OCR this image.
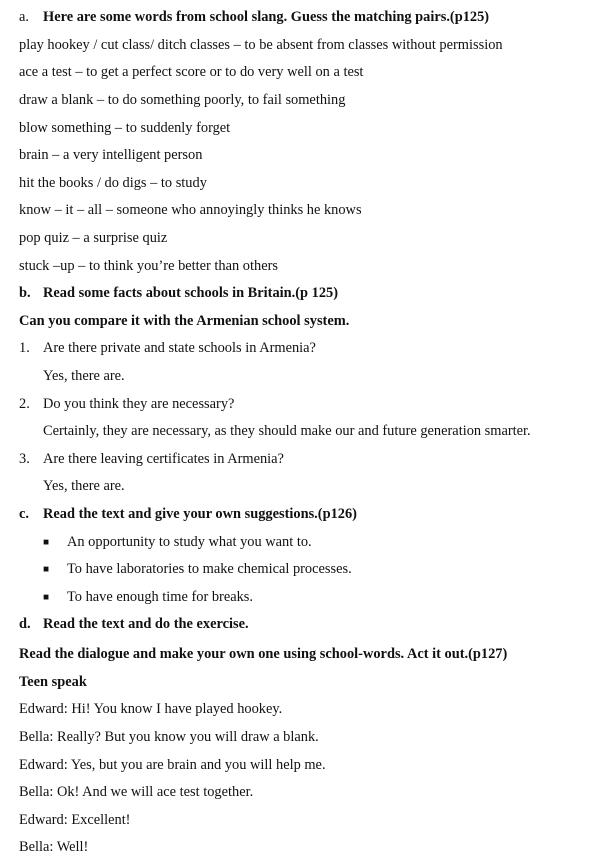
a. Here are some words from school slang. Guess the matching pairs.(p125)
play hookey / cut class/ ditch classes – to be absent from classes without permission
ace a test – to get a perfect score or to do very well on a test
draw a blank – to do something poorly, to fail something
blow something – to suddenly forget
brain – a very intelligent person
hit the books / do digs – to study
know – it – all – someone who annoyingly thinks he knows
pop quiz – a surprise quiz
stuck –up – to think you’re better than others
b. Read some facts about schools in Britain.(p 125)
Can you compare it with the Armenian school system.
1. Are there private and state schools in Armenia?
Yes, there are.
2. Do you think they are necessary?
Certainly, they are necessary, as they should make our and future generation smarter.
3. Are there leaving certificates in Armenia?
Yes, there are.
c. Read the text and give your own suggestions.(p126)
■ An opportunity to study what you want to.
■ To have laboratories to make chemical processes.
■ To have enough time for breaks.
d. Read the text and do the exercise.
Read the dialogue and make your own one using school-words. Act it out.(p127)
Teen speak
Edward: Hi! You know I have played hookey.
Bella: Really? But you know you will draw a blank.
Edward: Yes, but you are brain and you will help me.
Bella: Ok! And we will ace test together.
Edward: Excellent!
Bella: Well!
